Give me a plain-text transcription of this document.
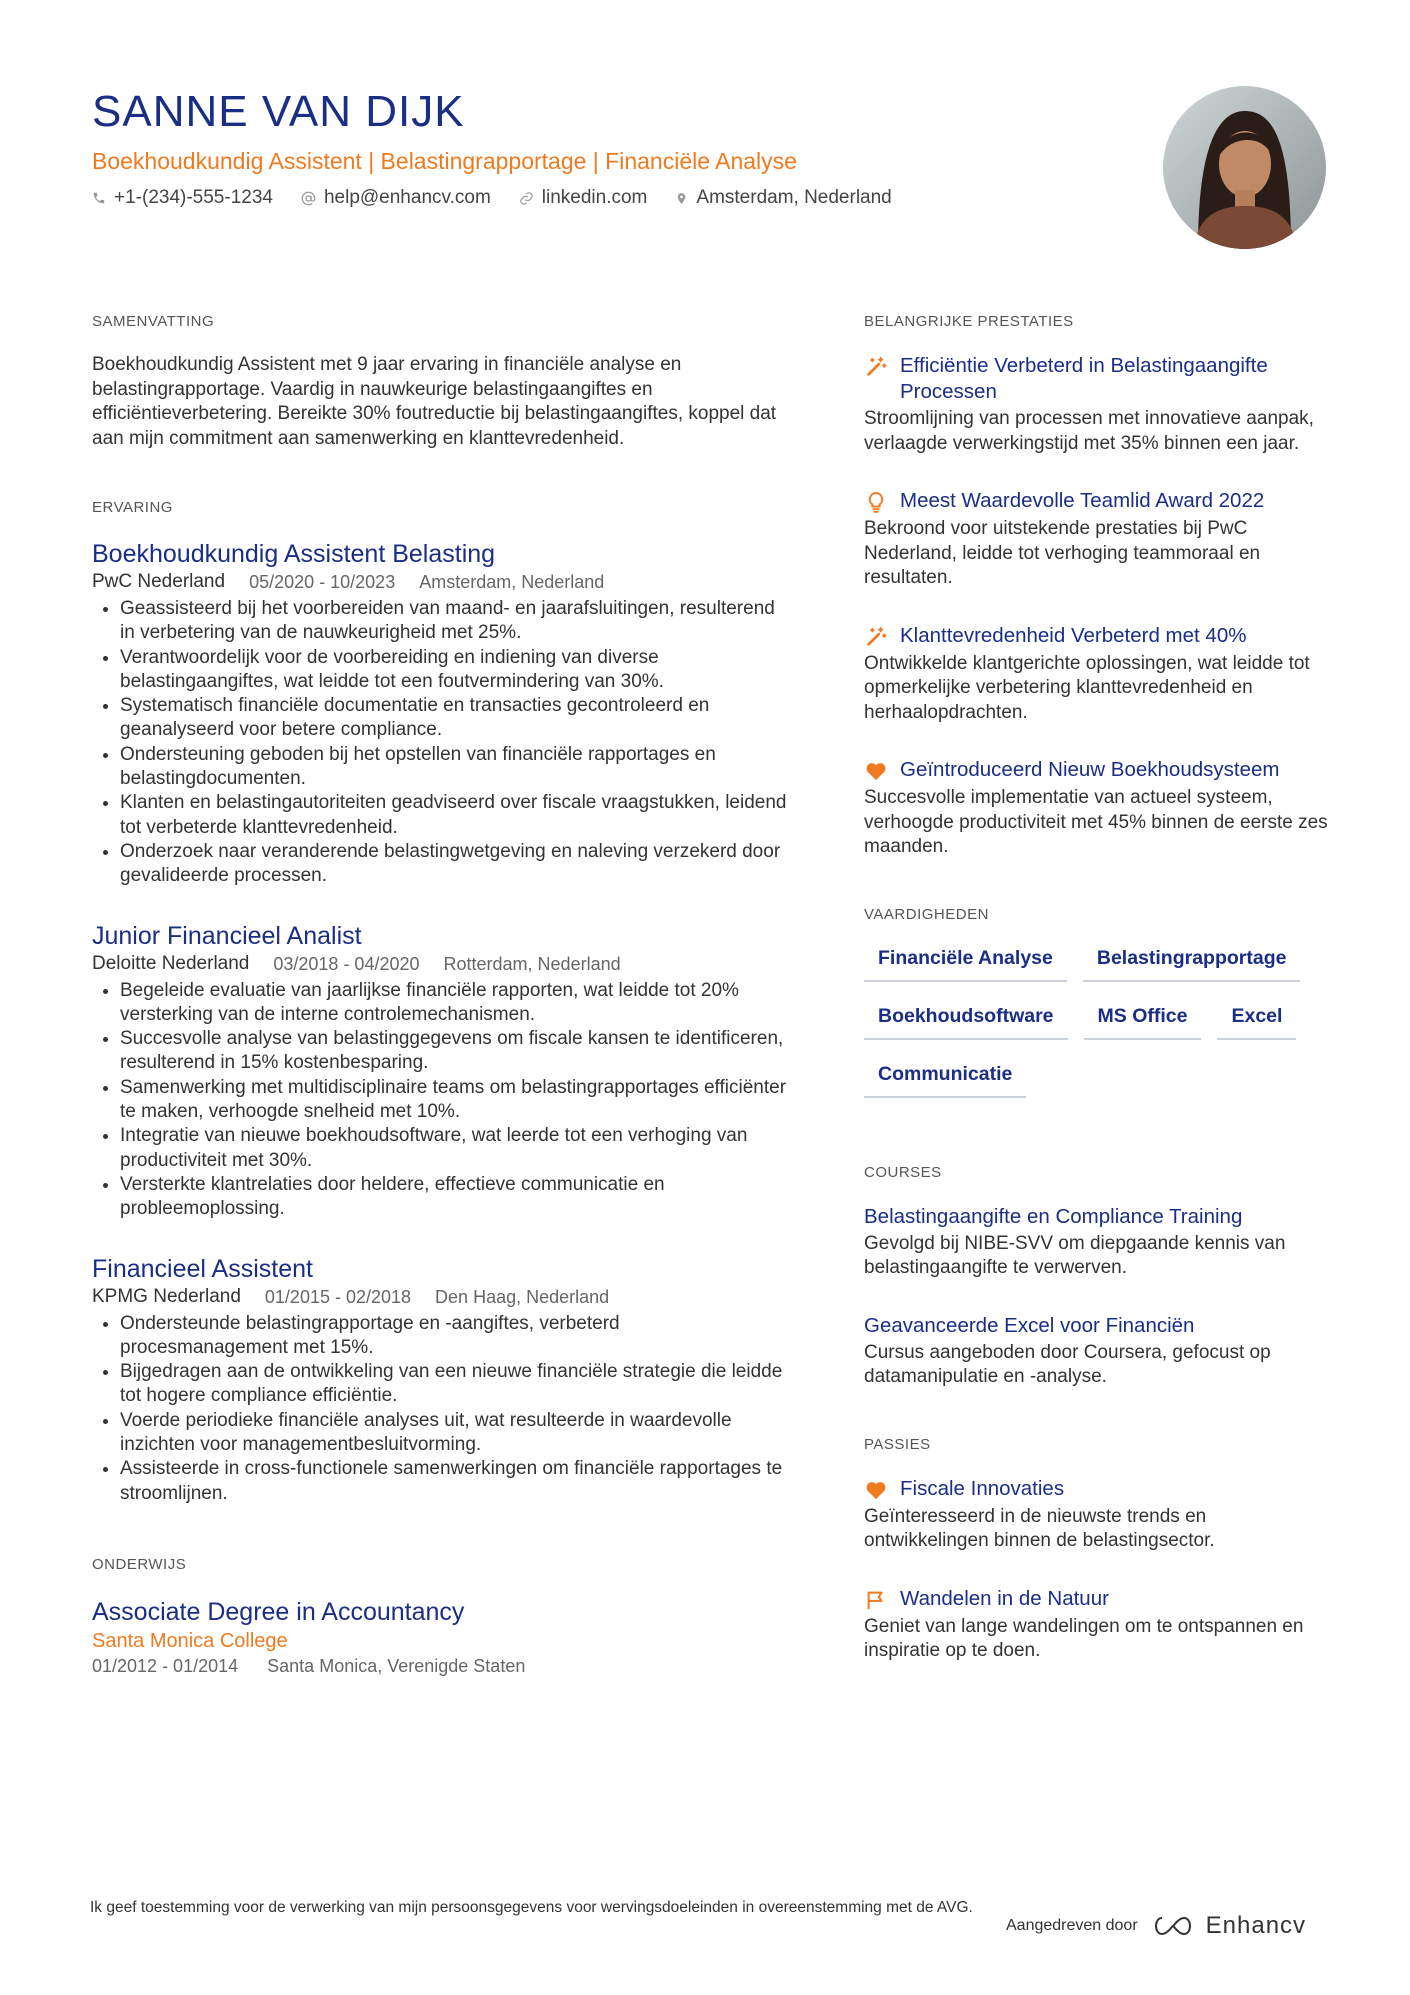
SANNE VAN DIJK
Boekhoudkundig Assistent | Belastingrapportage | Financiële Analyse
+1-(234)-555-1234	help@enhancv.com	linkedin.com	Amsterdam, Nederland
SAMENVATTING

Boekhoudkundig Assistent met 9 jaar ervaring in financiële analyse en belastingrapportage. Vaardig in nauwkeurige belastingaangiftes en efficiëntieverbetering. Bereikte 30% foutreductie bij belastingaangiftes, koppel dat aan mijn commitment aan samenwerking en klanttevredenheid.

ERVARING
Boekhoudkundig Assistent Belasting
PwC Nederland 05/2020 - 10/2023 Amsterdam, Nederland
• Geassisteerd bij het voorbereiden van maand- en jaarafsluitingen, resulterend in verbetering van de nauwkeurigheid met 25%.
• Verantwoordelijk voor de voorbereiding en indiening van diverse belastingaangiftes, wat leidde tot een foutvermindering van 30%.
• Systematisch financiële documentatie en transacties gecontroleerd en geanalyseerd voor betere compliance.
• Ondersteuning geboden bij het opstellen van financiële rapportages en belastingdocumenten.
• Klanten en belastingautoriteiten geadviseerd over fiscale vraagstukken, leidend tot verbeterde klanttevredenheid.
• Onderzoek naar veranderende belastingwetgeving en naleving verzekerd door gevalideerde processen.
Junior Financieel Analist
Deloitte Nederland 03/2018 - 04/2020 Rotterdam, Nederland
• Begeleide evaluatie van jaarlijkse financiële rapporten, wat leidde tot 20% versterking van de interne controlemechanismen.
• Succesvolle analyse van belastinggegevens om fiscale kansen te identificeren, resulterend in 15% kostenbesparing.
• Samenwerking met multidisciplinaire teams om belastingrapportages efficiënter te maken, verhoogde snelheid met 10%.
• Integratie van nieuwe boekhoudsoftware, wat leerde tot een verhoging van productiviteit met 30%.
• Versterkte klantrelaties door heldere, effectieve communicatie en probleemoplossing.
Financieel Assistent
KPMG Nederland 01/2015 - 02/2018 Den Haag, Nederland
• Ondersteunde belastingrapportage en -aangiftes, verbeterd procesmanagement met 15%.
• Bijgedragen aan de ontwikkeling van een nieuwe financiële strategie die leidde tot hogere compliance efficiëntie.
• Voerde periodieke financiële analyses uit, wat resulteerde in waardevolle inzichten voor managementbesluitvorming.
• Assisteerde in cross-functionele samenwerkingen om financiële rapportages te stroomlijnen.
ONDERWIJS
Associate Degree in Accountancy
Santa Monica College
01/2012 - 01/2014 Santa Monica, Verenigde Staten
BELANGRIJKE PRESTATIES
Efficiëntie Verbeterd in Belastingaangifte Processen
Stroomlijning van processen met innovatieve aanpak, verlaagde verwerkingstijd met 35% binnen een jaar.
Meest Waardevolle Teamlid Award 2022
Bekroond voor uitstekende prestaties bij PwC Nederland, leidde tot verhoging teammoraal en resultaten.
Klanttevredenheid Verbeterd met 40%
Ontwikkelde klantgerichte oplossingen, wat leidde tot opmerkelijke verbetering klanttevredenheid en herhaalopdrachten.
Geïntroduceerd Nieuw Boekhoudsysteem
Succesvolle implementatie van actueel systeem, verhoogde productiviteit met 45% binnen de eerste zes maanden.
VAARDIGHEDEN
Financiële Analyse	Belastingrapportage
Boekhoudsoftware	MS Office	Excel
Communicatie
COURSES
Belastingaangifte en Compliance Training
Gevolgd bij NIBE-SVV om diepgaande kennis van belastingaangifte te verwerven.
Geavanceerde Excel voor Financiën
Cursus aangeboden door Coursera, gefocust op datamanipulatie en -analyse.
PASSIES
Fiscale Innovaties
Geïnteresseerd in de nieuwste trends en ontwikkelingen binnen de belastingsector.
Wandelen in de Natuur
Geniet van lange wandelingen om te ontspannen en inspiratie op te doen.
Ik geef toestemming voor de verwerking van mijn persoonsgegevens voor wervingsdoeleinden in overeenstemming met de AVG.
Aangedreven door	Enhancv
